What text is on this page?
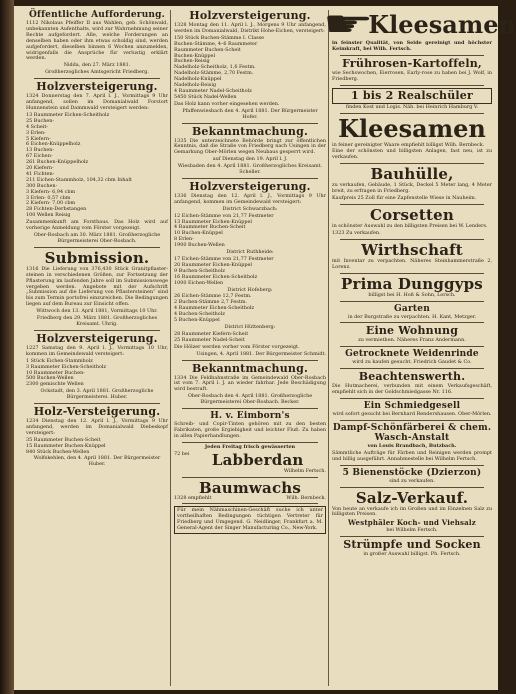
Öffentliche Aufforderung.
1112 Nikolaus Pfeiffer II aus Wahlen, geb. Schönwald, unbekannten Aufenthalts, wird zur Wahrnehmung seiner Rechte aufgefordert. Alle, welche Forderungen an denselben haben oder ihm etwas schuldig sind, werden aufgefordert, dieselben binnen 6 Wochen anzumelden, widrigenfalls die Ansprüche für verlustig erklärt werden.
Nidda, den 27. März 1881.
Großherzogliches Amtsgericht Friedberg.
Holzversteigerung.
1324 Donnerstag den 7. April l. J., Vormittags 9 Uhr anfangend, sollen im Domanialwald Forstort Hunnenstein und Dammwald versteigert werden:
13 Raummeter Eichen-Scheitholz
25 Buchen-
4 Scheit-
3 Erlen-
5 Kiefern-
6 Eichen-Knüppelholz
13 Buchen-
67 Eichen-
261 Buchen-Knüppelholz
20 Kiefern-
41 Fichten-
211 Eichen-Stammholz, 104,32 cbm Inhalt
300 Buchen-
3 Kiefern- 6,94 cbm
3 Erlen- 0,57 cbm
2 Kiefern- 7,00 cbm
28 Fichten-Derbstangen
100 Wellen Reisig
Zusammenkunft am Forsthaus. Das Holz wird auf vorherige Anmeldung vom Förster vorgezeigt.
Ober-Rosbach am 30. März 1881. Großherzogliche Bürgermeisterei Ober-Rosbach.
Submission.
1316 Die Lieferung von 376,430 Stück Granitpflaster-steinen in verschiedenen Größen, zur Fortsetzung der Pflasterung im laufenden Jahre soll im Submissionswege vergeben werden. Angebote mit der Aufschrift „Submission auf die Lieferung von Pflastersteinen“ sind bis zum Termin portofrei einzureichen. Die Bedingungen liegen auf dem Bureau zur Einsicht offen.
Wittwoch den 13. April 1881, Vormittags 10 Uhr.
Friedberg den 29. März 1881. Großherzogliches Kreisamt. Uhrig.
Holzversteigerung.
1227 Samstag den 9. April l. J., Vormittags 10 Uhr, kommen im Gemeindewald versteigert:
1 Stück Eichen-Stammholz
3 Raummeter Eichen-Scheitholz
10 Raummeter Buchen-
500 Buchen-Wellen
2300 gemischte Wellen
Ockstadt, den 3. April 1881. Großherzogliche Bürgermeisterei. Huber.
Holz-Versteigerung.
1234 Dienstag den 12. April l. J., Vormittags 9 Uhr anfangend, werden im Domanialwald Diebeskopf versteigert:
35 Raummeter Buchen-Scheit
15 Raummeter Buchen-Knüppel
840 Stück Buchen-Wellen
Wolfskehlen, den 4. April 1881. Der Bürgermeister Huber.
Holzversteigerung.
1328 Montag den 11. April l. J., Morgens 9 Uhr anfangend, werden im Domanialwald, Distrikt Hohe-Eichen, versteigert:
150 Stück Buchen-Stämme I. Classe
Buchen-Stämme, 4–6 Raummeter
Raummeter Buchen-Scheit
Buchen-Knüppel
Buchen-Reisig
Nadelholz-Scheitholz, 1,6 Festm.
Nadelholz-Stämme, 2,70 Festm.
Nadelholz-Knüppel
Nadelholz-Reisig
4 Raummeter Nadel-Scheitholz
5450 Stück Nadel-Wellen
Das Holz kann vorher eingesehen werden.
Pfaffenwiesbach den 4. April 1881. Der Bürgermeister Hofer.
Bekanntmachung.
1335 Die unterzeichnete Behörde bringt zur öffentlichen Kenntnis, daß die Straße von Friedberg nach Usingen in der Gemarkung Ober-Mörlen wegen Neubaus gesperrt wird.
auf Dienstag den 19. April l. J.
Wiesbaden den 4. April 1881. Großherzogliches Kreisamt. Scheller.
Holzversteigerung.
1336 Dienstag den 12. April l. J., Vormittags 9 Uhr anfangend, kommen im Gemeindewald versteigert:
District Schwarzbach:
12 Eichen-Stämme von 21,77 Festmeter
13 Raummeter Eichen-Knüppel
4 Raummeter Buchen-Scheit
10 Buchen-Knüppel
8 Erlen-
1900 Buchen-Wellen
District Ruthheide:
17 Eichen-Stämme von 21,77 Festmeter
20 Raummeter Eichen-Knüppel
9 Buchen-Scheitholz
16 Raummeter Eichen-Scheitholz
1000 Eichen-Wellen
District Hofeberg:
26 Eichen-Stämme 12,7 Festm.
2 Buchen-Stämme 2,7 Festm.
4 Raummeter Eichen-Scheitholz
4 Buchen-Scheitholz
5 Buchen-Knüppel
District Hüttenberg:
28 Raummeter Kiefern-Scheit
25 Raummeter Nadel-Scheit
Die Hölzer werden vorher vom Förster vorgezeigt.
Usingen, 4. April 1881. Der Bürgermeister Schmidt.
Bekanntmachung.
1334 Die Feldbahnstraße im Gemeindewald Ober-Rosbach ist vom 7. April l. J. an wieder fahrbar. Jede Beschädigung wird bestraft.
Ober-Rosbach den 4. April 1881. Großherzogliche Bürgermeisterei Ober-Rosbach. Becker.
H. v. Eimborn's
Schreib- und Copir-Tinten gehören mit zu den besten Fabrikaten, große Ergiebigkeit und leichter Fluß. Zu haben in allen Papierhandlungen.
Jeden Freitag frisch gewässerten
72 bei Labberdan
Wilhelm Fertsch.
Baumwachs
1328 empfiehlt	Wilh. Bernbeck.
Für mein Nähmaschinen-Geschäft suche ich unter vortheilhaften Bedingungen tüchtigen Vertreter für Friedberg und Umgegend. G. Neidlinger, Frankfurt a. M. General-Agent der Singer Manufacturing Co., New-York.
☛
Kleesamen
in feinster Qualität, von Seide gereinigt und höchster Keimkraft, bei Wilh. Fertsch.
Frührosen-Kartoffeln,
wie Sechswochen, Eierrosen, Early-rose zu haben bei J. Wolf, in Friedberg.
1 bis 2 Realschüler
finden Kost und Logis. Näh. bei Heinrich Hamburg V.
Kleesamen
in feiner gereinigter Waare empfiehlt billigst Wilh. Bernbeck.
Eine der schönsten und billigsten Anlagen, fast neu, ist zu verkaufen.
Bauhülle,
zu verkaufen, Gebäude, 1 Stück, Deckel 5 Meter lang, 4 Meter breit, zu erfragen in Friedberg.
Kaufpreis 25 Zoll für eine Zapfenstelle Wiese in Nauheim.
Corsetten
in schönster Auswahl zu den billigsten Preisen bei W. Lenders.
1323 Zu verkaufen.
Wirthschaft
mit Inventar zu verpachten. Näheres Steinhammerstraße 2, Lorenz.
Prima Dunggyps
billigst bei H. Hoß & Sohn, Lorsch.
Garten
in der Burgstraße zu verpachten. H. Kant, Metzger.
Eine Wohnung
zu vermiethen. Näheres Franz Andermann.
Getrocknete Weidenrinde
wird zu kaufen gesucht. Friedrich Gaudet & Co.
Beachtenswerth.
Die Hutmacherei, verbunden mit einem Verkaufsgeschäft, empfiehlt sich in der Goldschmiedgasse Nr. 116.
Ein Schmiedgesell
wird sofort gesucht bei Bernhard Rendershausen. Ober-Mörlen.
Dampf-Schönfärberei & chem. Wasch-Anstalt
von Louis Brandbach, Butzbach.
Sämmtliche Aufträge für Färben und Reinigen werden prompt und billig ausgeführt. Annahmestelle bei Wilhelm Fertsch.
5 Bienenstöcke (Dzierzon)
sind zu verkaufen.
Salz-Verkauf.
Von heute an verkaufe ich im Großen und im Einzelnen Salz zu billigsten Preisen.
Westphäler Koch- und Viehsalz
bei Wilhelm Fertsch.
Strümpfe und Socken
in großer Auswahl billigst. Ph. Fertsch.
